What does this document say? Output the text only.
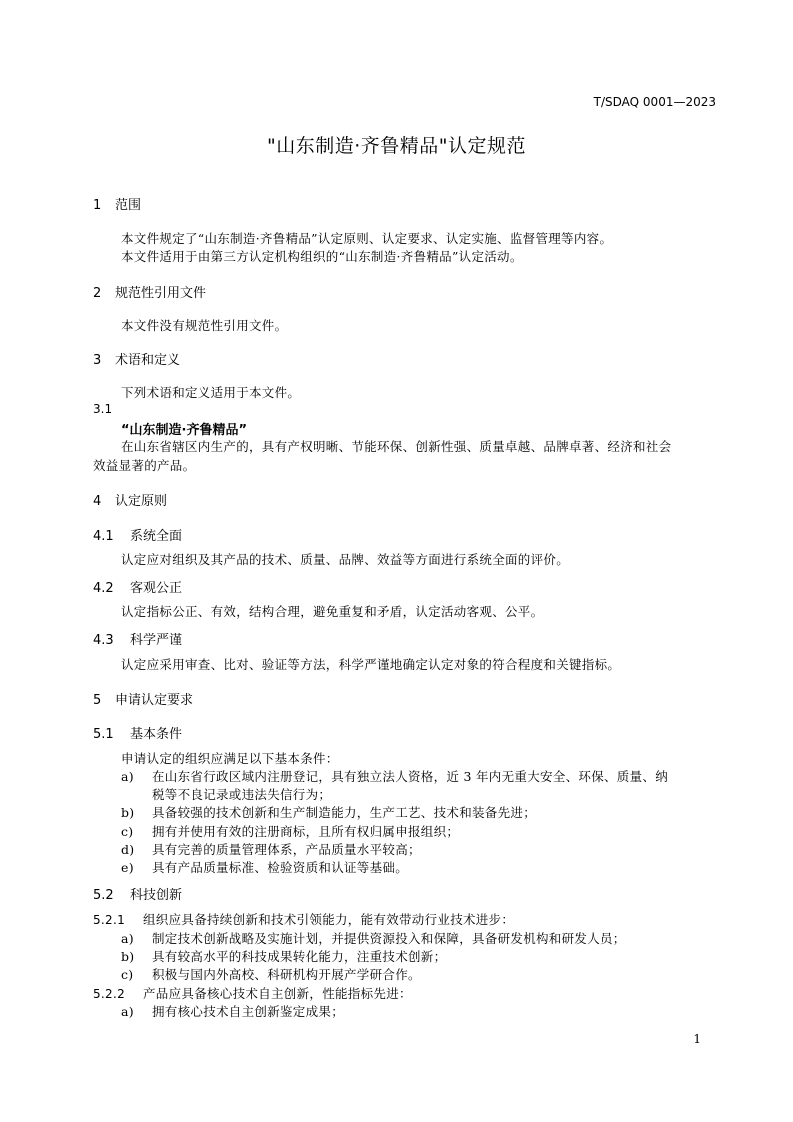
T/SDAQ 0001—2023
"山东制造·齐鲁精品"认定规范
1 范围
本文件规定了“山东制造·齐鲁精品”认定原则、认定要求、认定实施、监督管理等内容。
本文件适用于由第三方认定机构组织的“山东制造·齐鲁精品”认定活动。
2 规范性引用文件
本文件没有规范性引用文件。
3 术语和定义
下列术语和定义适用于本文件。
3.1
“山东制造·齐鲁精品”
在山东省辖区内生产的，具有产权明晰、节能环保、创新性强、质量卓越、品牌卓著、经济和社会
效益显著的产品。
4 认定原则
4.1 系统全面
认定应对组织及其产品的技术、质量、品牌、效益等方面进行系统全面的评价。
4.2 客观公正
认定指标公正、有效，结构合理，避免重复和矛盾，认定活动客观、公平。
4.3 科学严谨
认定应采用审查、比对、验证等方法，科学严谨地确定认定对象的符合程度和关键指标。
5 申请认定要求
5.1 基本条件
申请认定的组织应满足以下基本条件：
a) 在山东省行政区域内注册登记，具有独立法人资格，近 3 年内无重大安全、环保、质量、纳
税等不良记录或违法失信行为；
b) 具备较强的技术创新和生产制造能力，生产工艺、技术和装备先进；
c) 拥有并使用有效的注册商标，且所有权归属申报组织；
d) 具有完善的质量管理体系，产品质量水平较高；
e) 具有产品质量标准、检验资质和认证等基础。
5.2 科技创新
5.2.1 组织应具备持续创新和技术引领能力，能有效带动行业技术进步：
a) 制定技术创新战略及实施计划，并提供资源投入和保障，具备研发机构和研发人员；
b) 具有较高水平的科技成果转化能力，注重技术创新；
c) 积极与国内外高校、科研机构开展产学研合作。
5.2.2 产品应具备核心技术自主创新，性能指标先进：
a) 拥有核心技术自主创新鉴定成果；
1
